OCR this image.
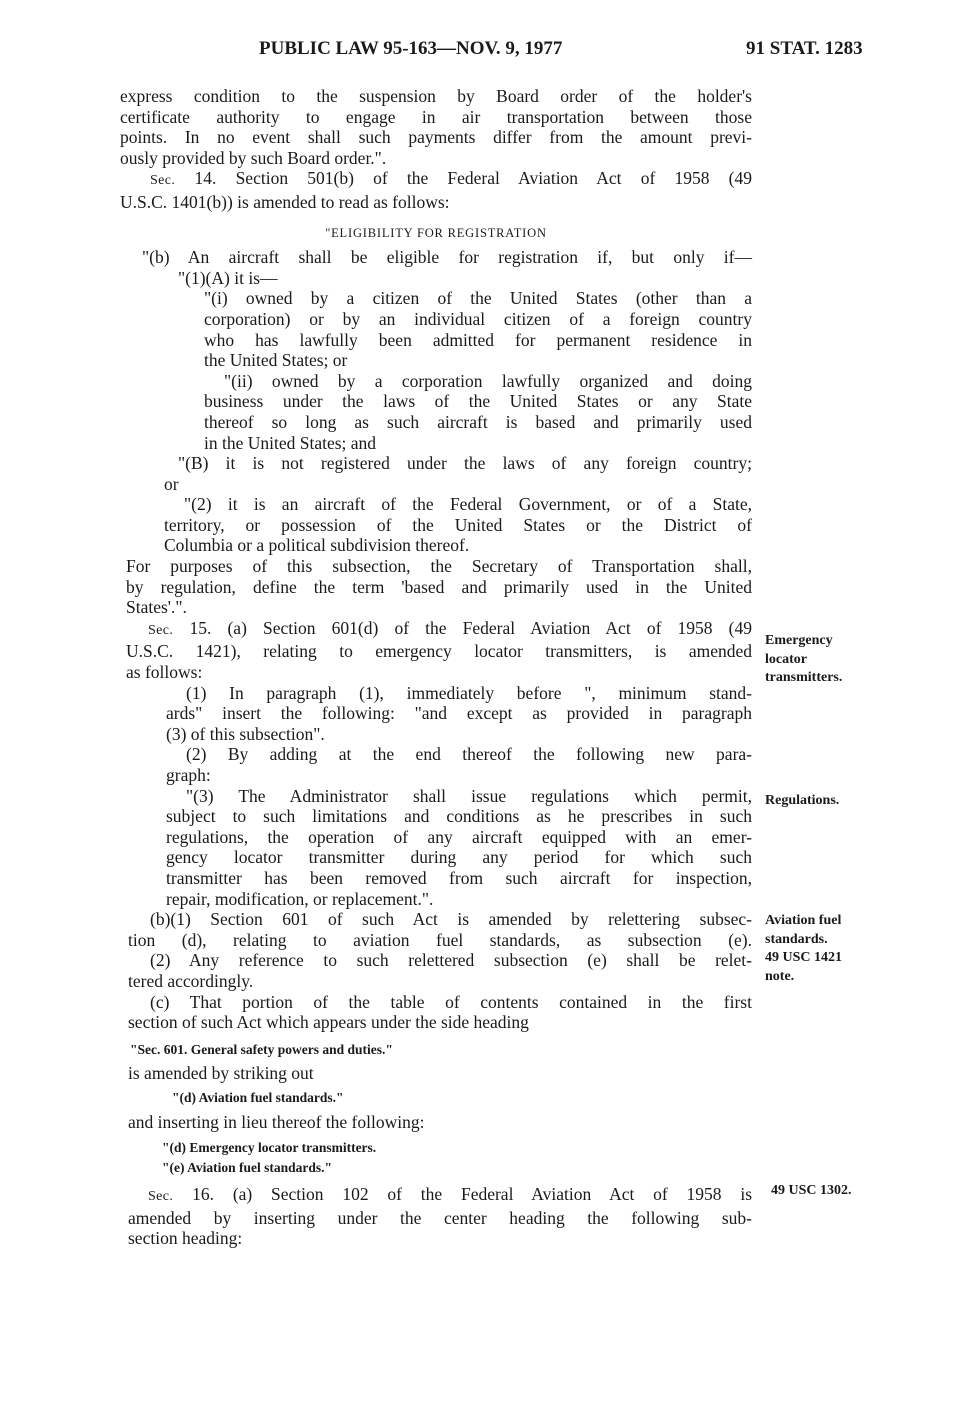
PUBLIC LAW 95-163—NOV. 9, 1977	91 STAT. 1283

express condition to the suspension by Board order of the holder's

certificate authority to engage in air transportation between those

points. In no event shall such payments differ from the amount previ-

ously provided by such Board order.".

Sec. 14. Section 501(b) of the Federal Aviation Act of 1958 (49

U.S.C. 1401(b)) is amended to read as follows:

"ELIGIBILITY FOR REGISTRATION

"(b) An aircraft shall be eligible for registration if, but only if—

"(1)(A) it is—

"(i) owned by a citizen of the United States (other than a

corporation) or by an individual citizen of a foreign country

who has lawfully been admitted for permanent residence in

the United States; or

"(ii) owned by a corporation lawfully organized and doing

business under the laws of the United States or any State

thereof so long as such aircraft is based and primarily used

in the United States; and

"(B) it is not registered under the laws of any foreign country;

or

"(2) it is an aircraft of the Federal Government, or of a State,

territory, or possession of the United States or the District of

Columbia or a political subdivision thereof.

For purposes of this subsection, the Secretary of Transportation shall,

by regulation, define the term 'based and primarily used in the United

States'.".

Sec. 15. (a) Section 601(d) of the Federal Aviation Act of 1958 (49

U.S.C. 1421), relating to emergency locator transmitters, is amended

as follows:

(1) In paragraph (1), immediately before ", minimum stand-

ards" insert the following: "and except as provided in paragraph

(3) of this subsection".

(2) By adding at the end thereof the following new para-

graph:

"(3) The Administrator shall issue regulations which permit,

subject to such limitations and conditions as he prescribes in such

regulations, the operation of any aircraft equipped with an emer-

gency locator transmitter during any period for which such

transmitter has been removed from such aircraft for inspection,

repair, modification, or replacement.".

(b)(1) Section 601 of such Act is amended by relettering subsec-

tion (d), relating to aviation fuel standards, as subsection (e).

(2) Any reference to such relettered subsection (e) shall be relet-

tered accordingly.

(c) That portion of the table of contents contained in the first

section of such Act which appears under the side heading

"Sec. 601. General safety powers and duties."

is amended by striking out

"(d) Aviation fuel standards."

and inserting in lieu thereof the following:

"(d) Emergency locator transmitters.

"(e) Aviation fuel standards."

Sec. 16. (a) Section 102 of the Federal Aviation Act of 1958 is

amended by inserting under the center heading the following sub-

section heading:

Emergency
locator
transmitters.
Regulations.
Aviation fuel
standards.
49 USC 1421
note.
49 USC 1302.
